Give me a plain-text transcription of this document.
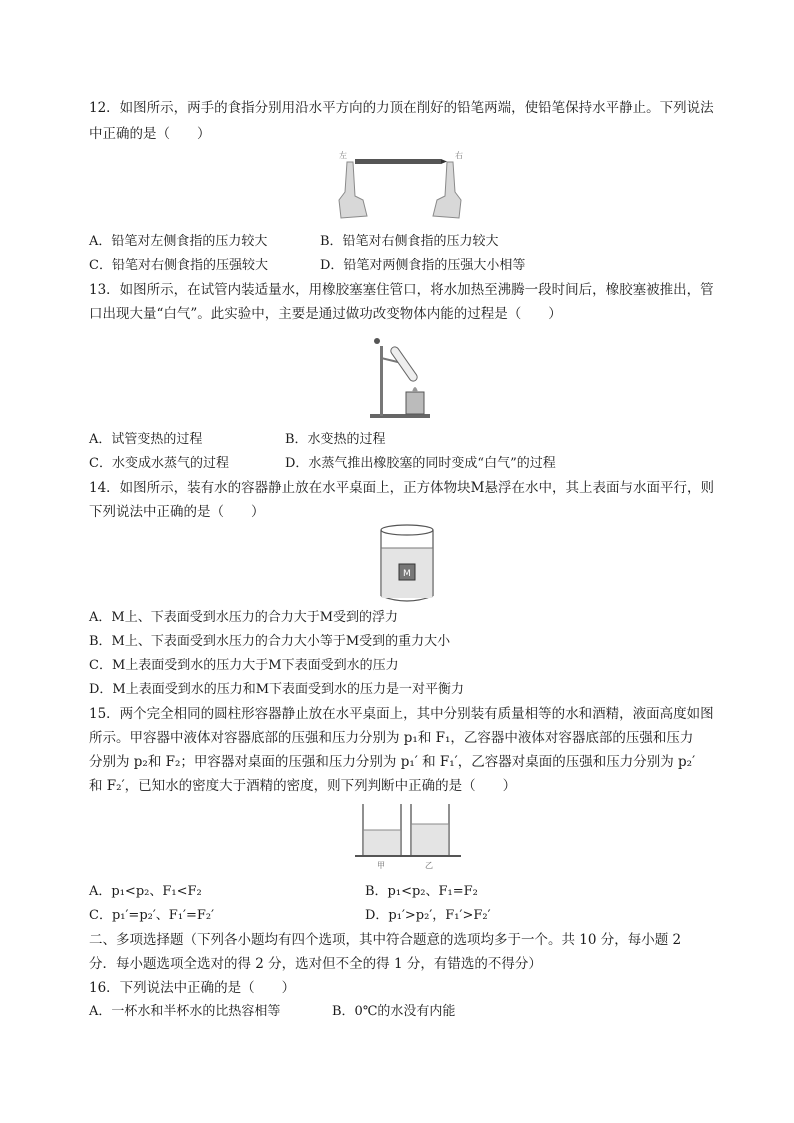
12．如图所示，两手的食指分别用沿水平方向的力顶在削好的铅笔两端，使铅笔保持水平静止。下列说法
中正确的是（　　）
左	右
A．铅笔对左侧食指的压力较大	B．铅笔对右侧食指的压力较大
C．铅笔对右侧食指的压强较大	D．铅笔对两侧食指的压强大小相等
13．如图所示，在试管内装适量水，用橡胶塞塞住管口，将水加热至沸腾一段时间后，橡胶塞被推出，管
口出现大量“白气”。此实验中，主要是通过做功改变物体内能的过程是（　　）
A．试管变热的过程	B．水变热的过程
C．水变成水蒸气的过程	D．水蒸气推出橡胶塞的同时变成“白气”的过程
14．如图所示，装有水的容器静止放在水平桌面上，正方体物块M悬浮在水中，其上表面与水面平行，则
下列说法中正确的是（　　）
M
A．M上、下表面受到水压力的合力大于M受到的浮力
B．M上、下表面受到水压力的合力大小等于M受到的重力大小
C．M上表面受到水的压力大于M下表面受到水的压力
D．M上表面受到水的压力和M下表面受到水的压力是一对平衡力
15．两个完全相同的圆柱形容器静止放在水平桌面上，其中分别装有质量相等的水和酒精，液面高度如图
所示。甲容器中液体对容器底部的压强和压力分别为 p₁和 F₁，乙容器中液体对容器底部的压强和压力
分别为 p₂和 F₂；甲容器对桌面的压强和压力分别为 p₁′ 和 F₁′，乙容器对桌面的压强和压力分别为 p₂′
和 F₂′，已知水的密度大于酒精的密度，则下列判断中正确的是（　　）
甲	乙
A．p₁<p₂、F₁<F₂	B．p₁<p₂、F₁=F₂
C．p₁′=p₂′、F₁′=F₂′	D．p₁′>p₂′，F₁′>F₂′
二、多项选择题（下列各小题均有四个选项，其中符合题意的选项均多于一个。共 10 分，每小题 2
分．每小题选项全选对的得 2 分，选对但不全的得 1 分，有错选的不得分）
16．下列说法中正确的是（　　）
A．一杯水和半杯水的比热容相等	B．0℃的水没有内能
